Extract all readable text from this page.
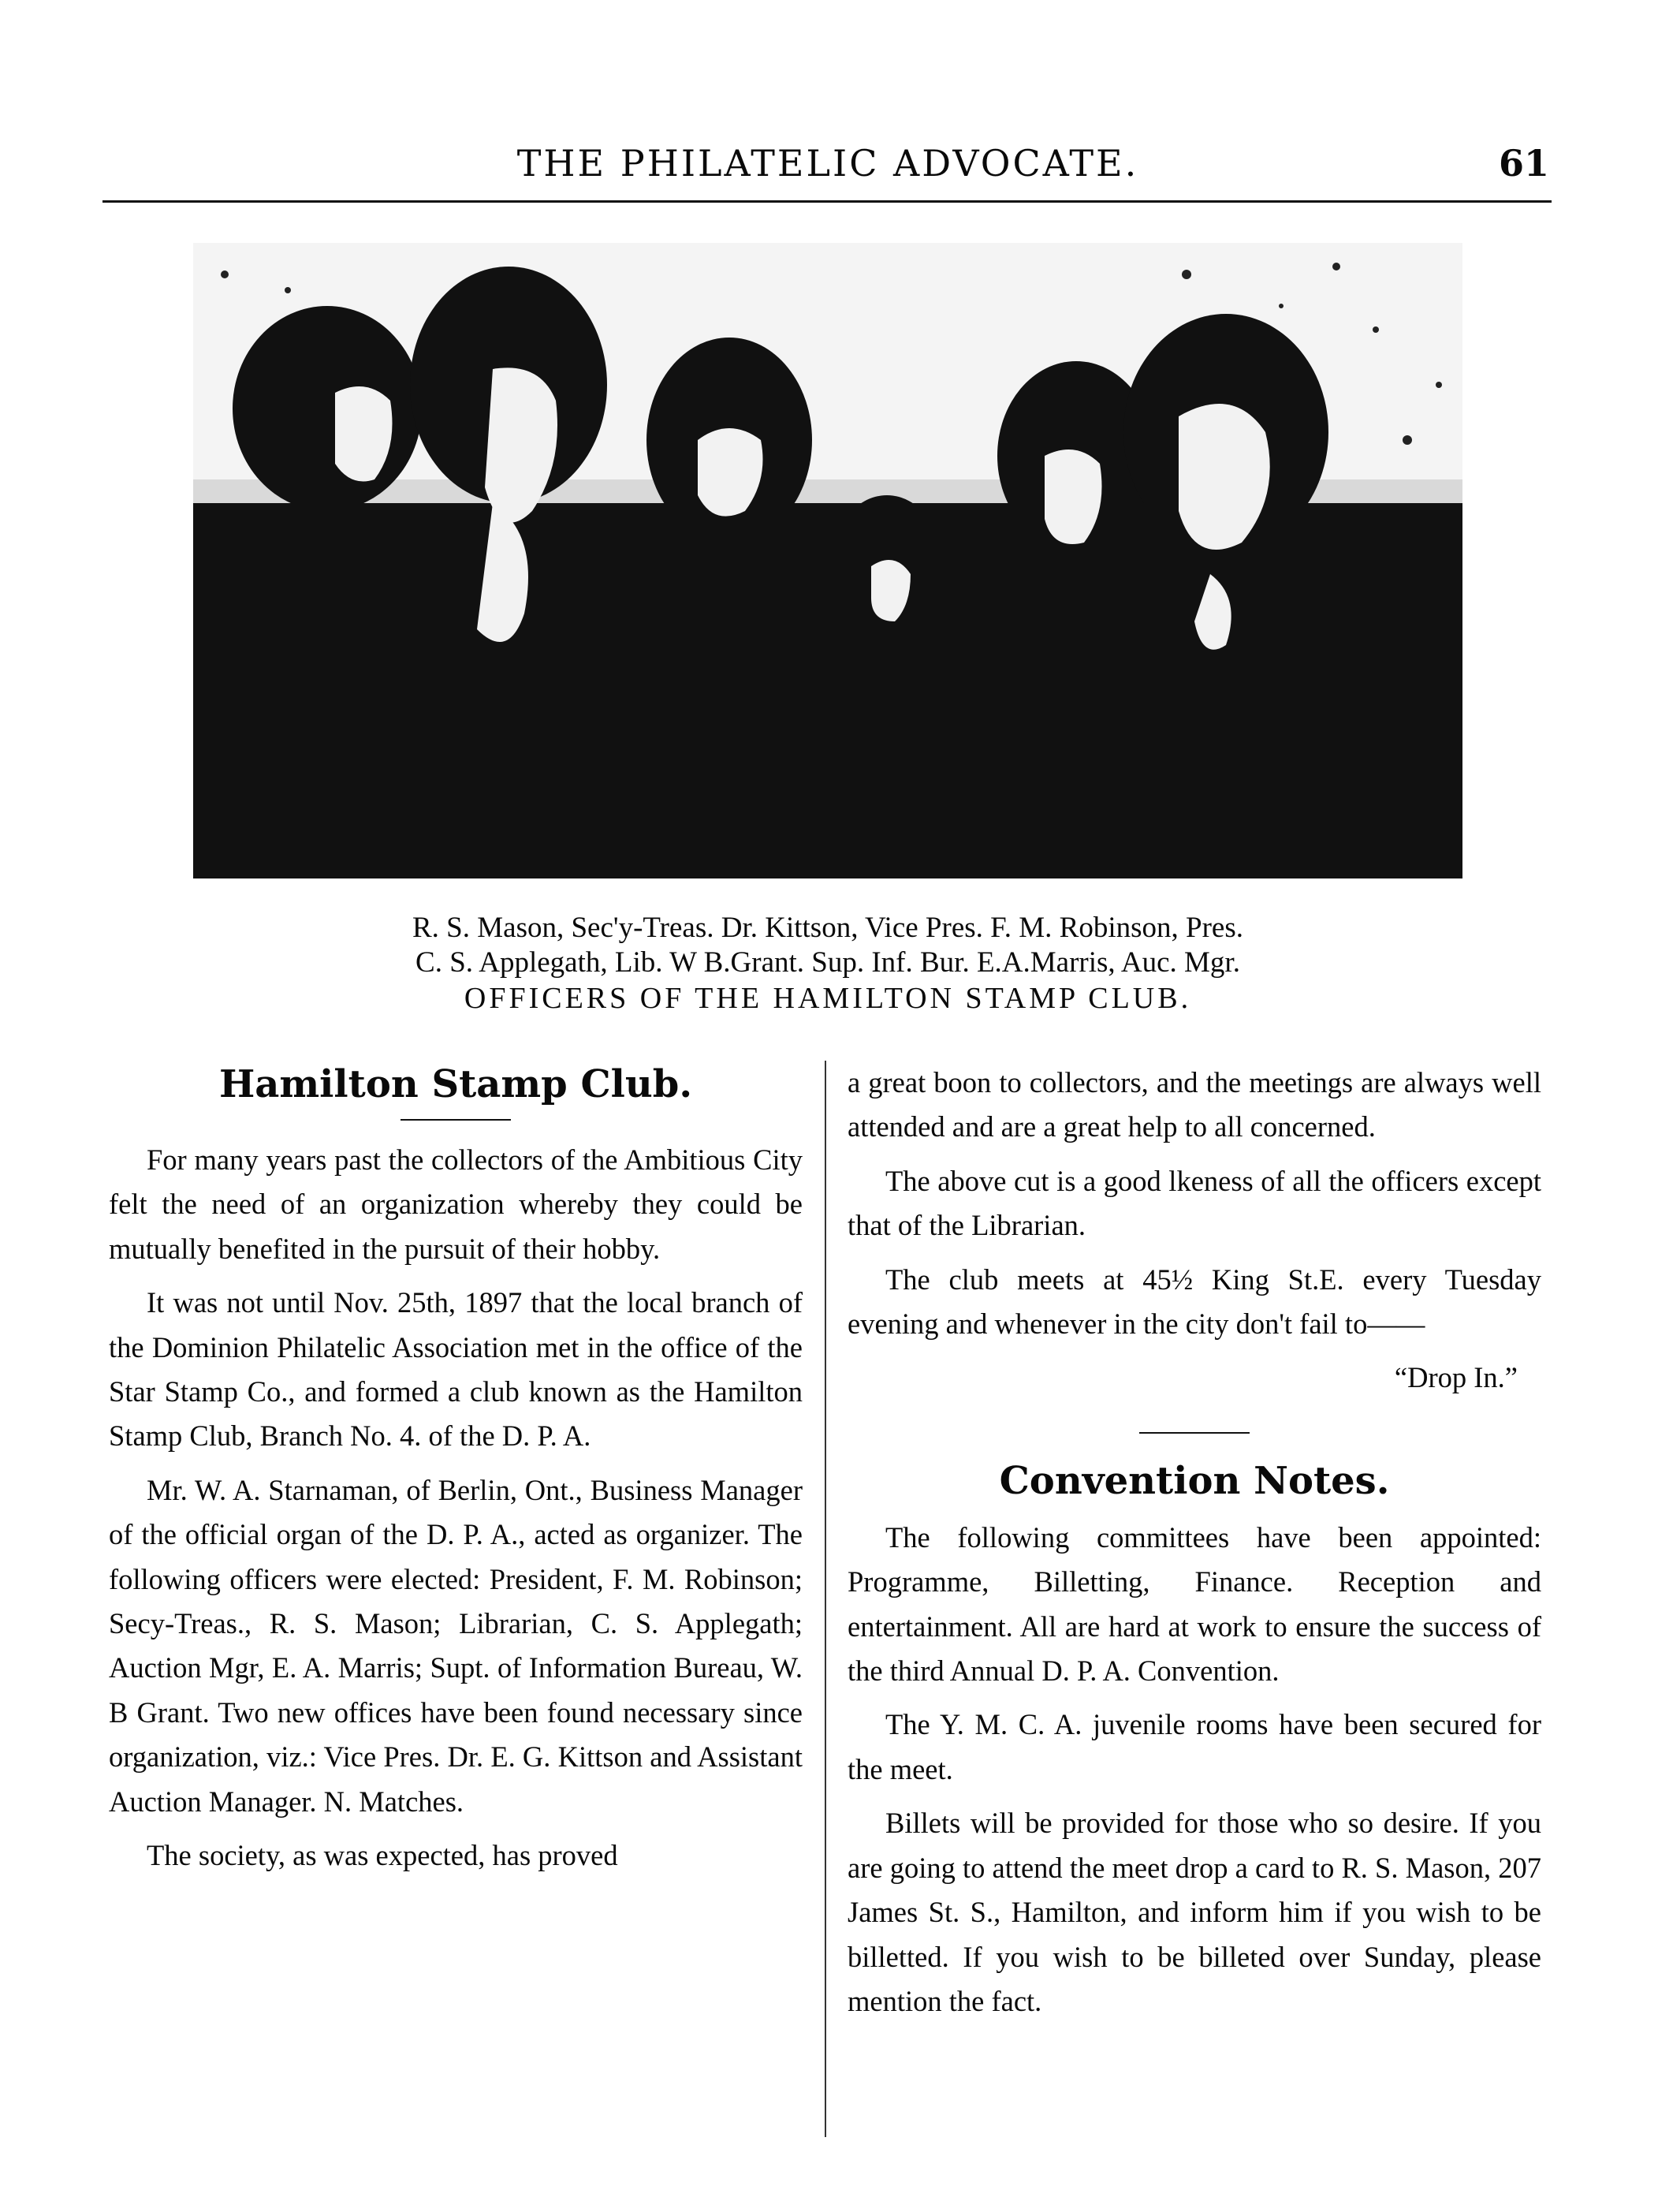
THE PHILATELIC ADVOCATE.	61
R. S. Mason, Sec'y-Treas. Dr. Kittson, Vice Pres. F. M. Robinson, Pres.
C. S. Applegath, Lib. W B.Grant. Sup. Inf. Bur. E.A.Marris, Auc. Mgr.
OFFICERS OF THE HAMILTON STAMP CLUB.
Hamilton Stamp Club.

For many years past the collectors of the Ambitious City felt the need of an organization whereby they could be mutually benefited in the pursuit of their hobby.

It was not until Nov. 25th, 1897 that the local branch of the Dominion Philatelic Association met in the office of the Star Stamp Co., and formed a club known as the Hamilton Stamp Club, Branch No. 4. of the D. P. A.

Mr. W. A. Starnaman, of Berlin, Ont., Business Manager of the official organ of the D. P. A., acted as organizer. The following officers were elected: President, F. M. Robinson; Secy-Treas., R. S. Mason; Librarian, C. S. Applegath; Auction Mgr, E. A. Marris; Supt. of Information Bureau, W. B Grant. Two new offices have been found necessary since organization, viz.: Vice Pres. Dr. E. G. Kittson and Assistant Auction Manager. N. Matches.

The society, as was expected, has proved

a great boon to collectors, and the meetings are always well attended and are a great help to all concerned.

The above cut is a good lkeness of all the officers except that of the Librarian.

The club meets at 45½ King St.E. every Tuesday evening and whenever in the city don't fail to——

“Drop In.”

Convention Notes.

The following committees have been appointed: Programme, Billetting, Finance. Reception and entertainment. All are hard at work to ensure the success of the third Annual D. P. A. Convention.

The Y. M. C. A. juvenile rooms have been secured for the meet.

Billets will be provided for those who so desire. If you are going to attend the meet drop a card to R. S. Mason, 207 James St. S., Hamilton, and inform him if you wish to be billetted. If you wish to be billeted over Sunday, please mention the fact.
